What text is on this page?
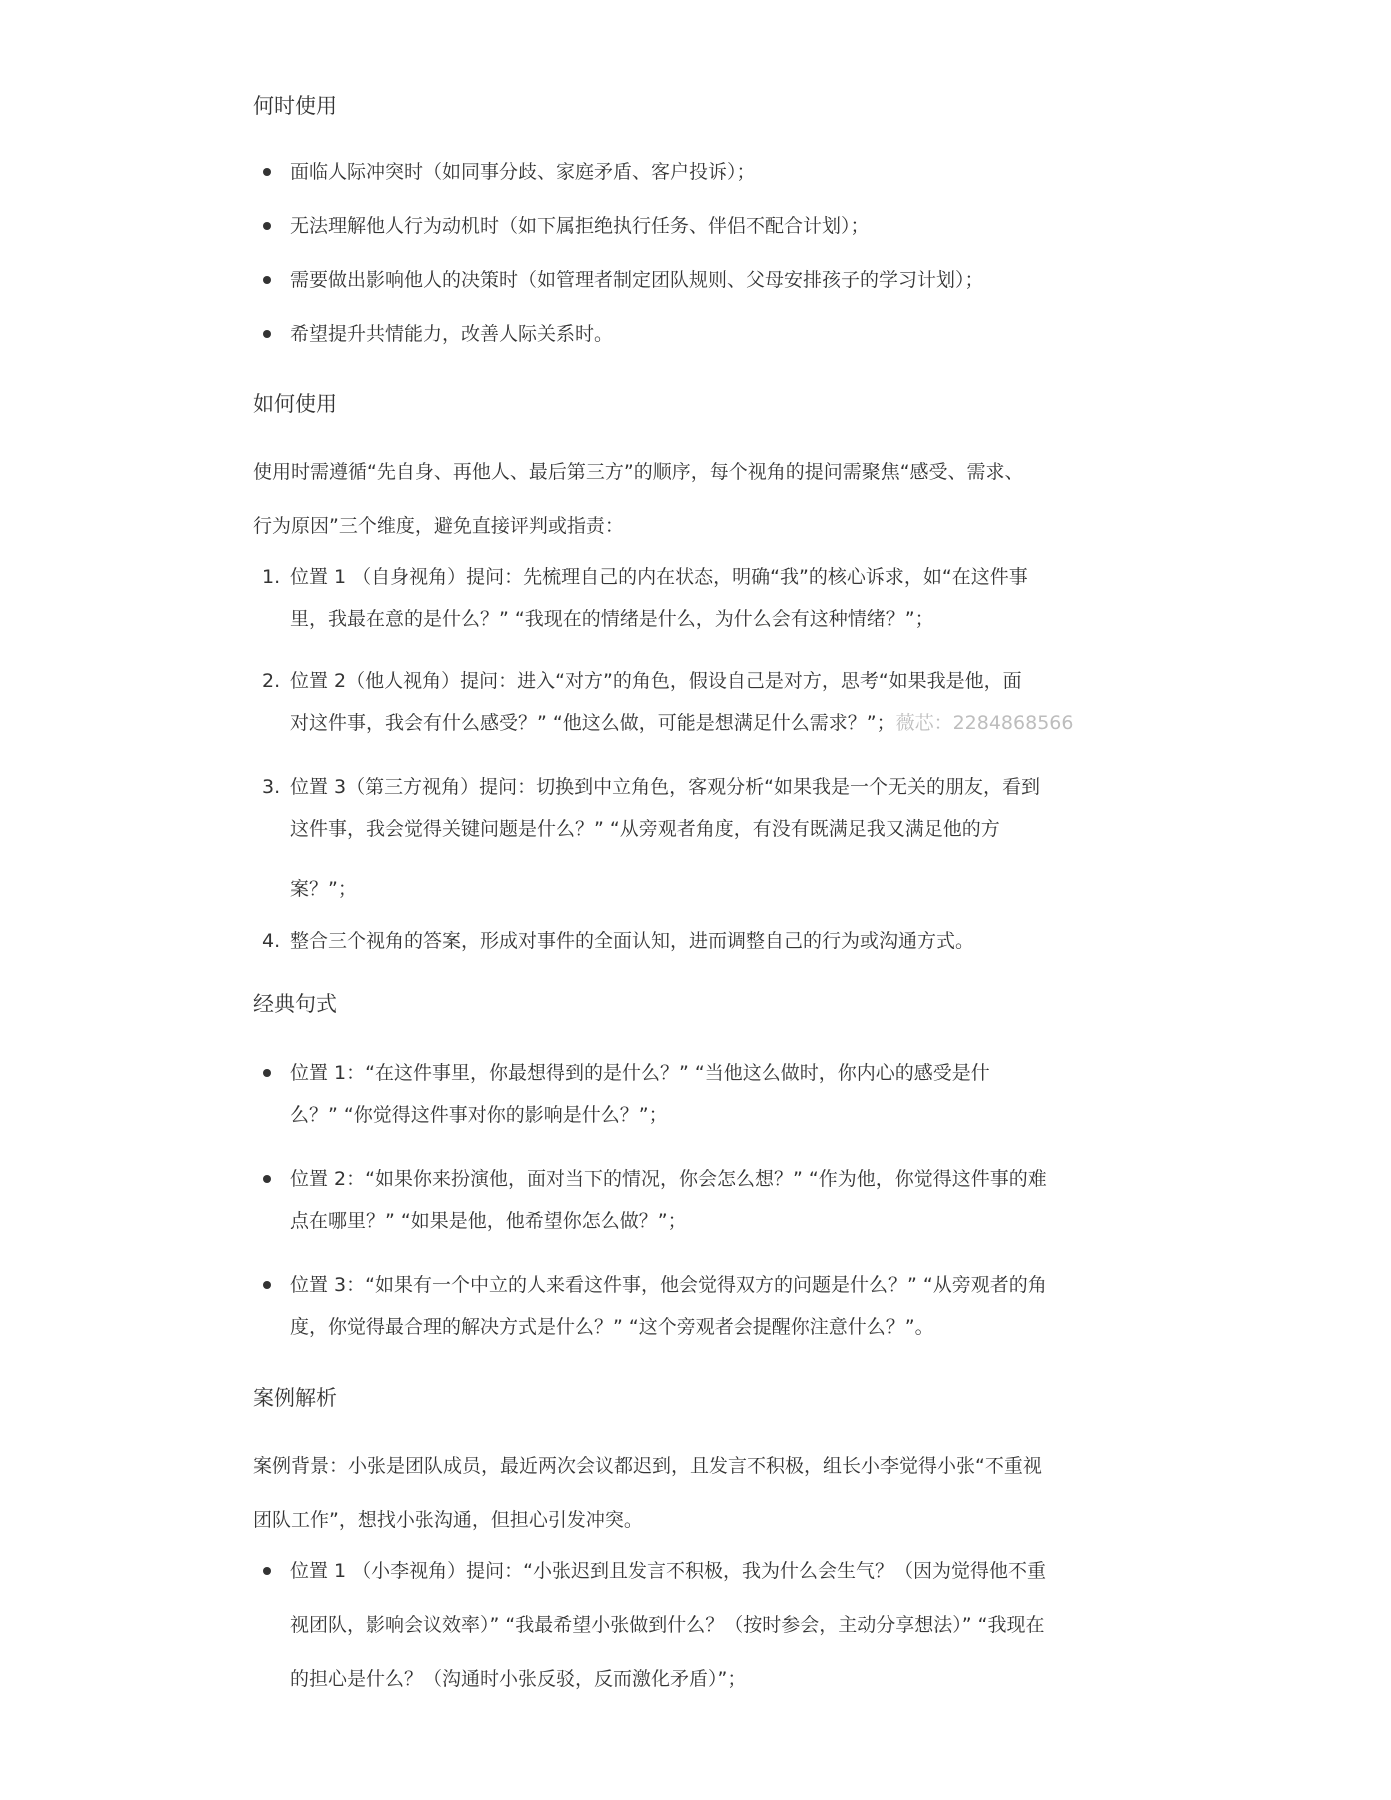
何时使用
面临人际冲突时（如同事分歧、家庭矛盾、客户投诉）；
无法理解他人行为动机时（如下属拒绝执行任务、伴侣不配合计划）；
需要做出影响他人的决策时（如管理者制定团队规则、父母安排孩子的学习计划）；
希望提升共情能力，改善人际关系时。
如何使用
使用时需遵循“先自身、再他人、最后第三方”的顺序，每个视角的提问需聚焦“感受、需求、
行为原因”三个维度，避免直接评判或指责：
1. 位置 1 （自身视角）提问：先梳理自己的内在状态，明确“我”的核心诉求，如“在这件事
里，我最在意的是什么？” “我现在的情绪是什么，为什么会有这种情绪？”；
2. 位置 2（他人视角）提问：进入“对方”的角色，假设自己是对方，思考“如果我是他，面
对这件事，我会有什么感受？” “他这么做，可能是想满足什么需求？”；薇芯：2284868566
3. 位置 3（第三方视角）提问：切换到中立角色，客观分析“如果我是一个无关的朋友，看到
这件事，我会觉得关键问题是什么？” “从旁观者角度，有没有既满足我又满足他的方
案？”；
4. 整合三个视角的答案，形成对事件的全面认知，进而调整自己的行为或沟通方式。
经典句式
位置 1：“在这件事里，你最想得到的是什么？” “当他这么做时，你内心的感受是什
么？” “你觉得这件事对你的影响是什么？”；
位置 2：“如果你来扮演他，面对当下的情况，你会怎么想？” “作为他，你觉得这件事的难
点在哪里？” “如果是他，他希望你怎么做？”；
位置 3：“如果有一个中立的人来看这件事，他会觉得双方的问题是什么？” “从旁观者的角
度，你觉得最合理的解决方式是什么？” “这个旁观者会提醒你注意什么？”。
案例解析
案例背景：小张是团队成员，最近两次会议都迟到，且发言不积极，组长小李觉得小张“不重视
团队工作”，想找小张沟通，但担心引发冲突。
位置 1 （小李视角）提问：“小张迟到且发言不积极，我为什么会生气？（因为觉得他不重
视团队，影响会议效率）” “我最希望小张做到什么？（按时参会，主动分享想法）” “我现在
的担心是什么？（沟通时小张反驳，反而激化矛盾）”；
